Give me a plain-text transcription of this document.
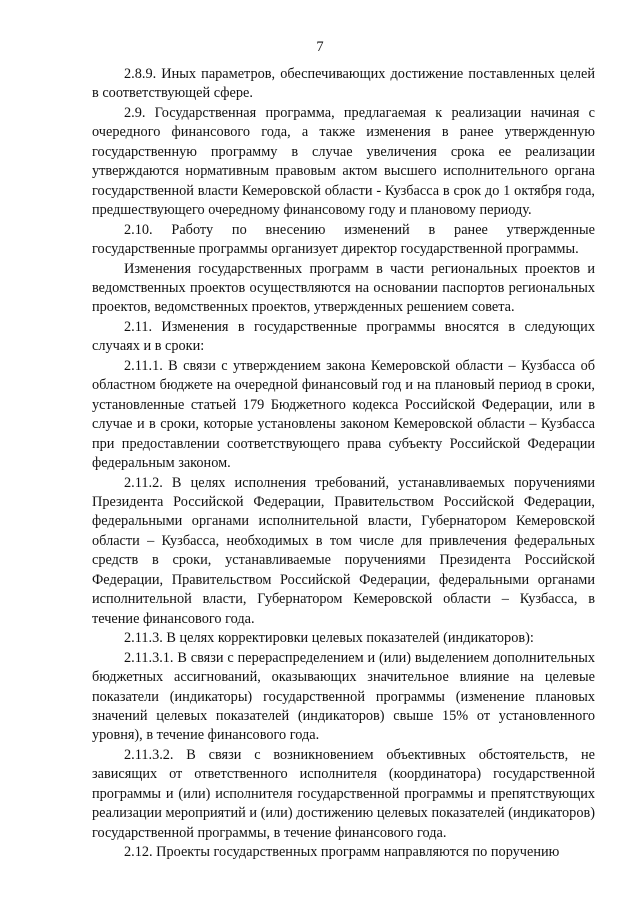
7

2.8.9. Иных параметров, обеспечивающих достижение поставленных целей в соответствующей сфере.

2.9. Государственная программа, предлагаемая к реализации начиная с очередного финансового года, а также изменения в ранее утвержденную государственную программу в случае увеличения срока ее реализации утверждаются нормативным правовым актом высшего исполнительного органа государственной власти Кемеровской области - Кузбасса в срок до 1 октября года, предшествующего очередному финансовому году и плановому периоду.

2.10. Работу по внесению изменений в ранее утвержденные государственные программы организует директор государственной программы.

Изменения государственных программ в части региональных проектов и ведомственных проектов осуществляются на основании паспортов региональных проектов, ведомственных проектов, утвержденных решением совета.

2.11. Изменения в государственные программы вносятся в следующих случаях и в сроки:

2.11.1. В связи с утверждением закона Кемеровской области – Кузбасса об областном бюджете на очередной финансовый год и на плановый период в сроки, установленные статьей 179 Бюджетного кодекса Российской Федерации, или в случае и в сроки, которые установлены законом Кемеровской области – Кузбасса при предоставлении соответствующего права субъекту Российской Федерации федеральным законом.

2.11.2. В целях исполнения требований, устанавливаемых поручениями Президента Российской Федерации, Правительством Российской Федерации, федеральными органами исполнительной власти, Губернатором Кемеровской области – Кузбасса, необходимых в том числе для привлечения федеральных средств в сроки, устанавливаемые поручениями Президента Российской Федерации, Правительством Российской Федерации, федеральными органами исполнительной власти, Губернатором Кемеровской области – Кузбасса, в течение финансового года.

2.11.3. В целях корректировки целевых показателей (индикаторов):

2.11.3.1. В связи с перераспределением и (или) выделением дополнительных бюджетных ассигнований, оказывающих значительное влияние на целевые показатели (индикаторы) государственной программы (изменение плановых значений целевых показателей (индикаторов) свыше 15% от установленного уровня), в течение финансового года.

2.11.3.2. В связи с возникновением объективных обстоятельств, не зависящих от ответственного исполнителя (координатора) государственной программы и (или) исполнителя государственной программы и препятствующих реализации мероприятий и (или) достижению целевых показателей (индикаторов) государственной программы, в течение финансового года.

2.12. Проекты государственных программ направляются по поручению
